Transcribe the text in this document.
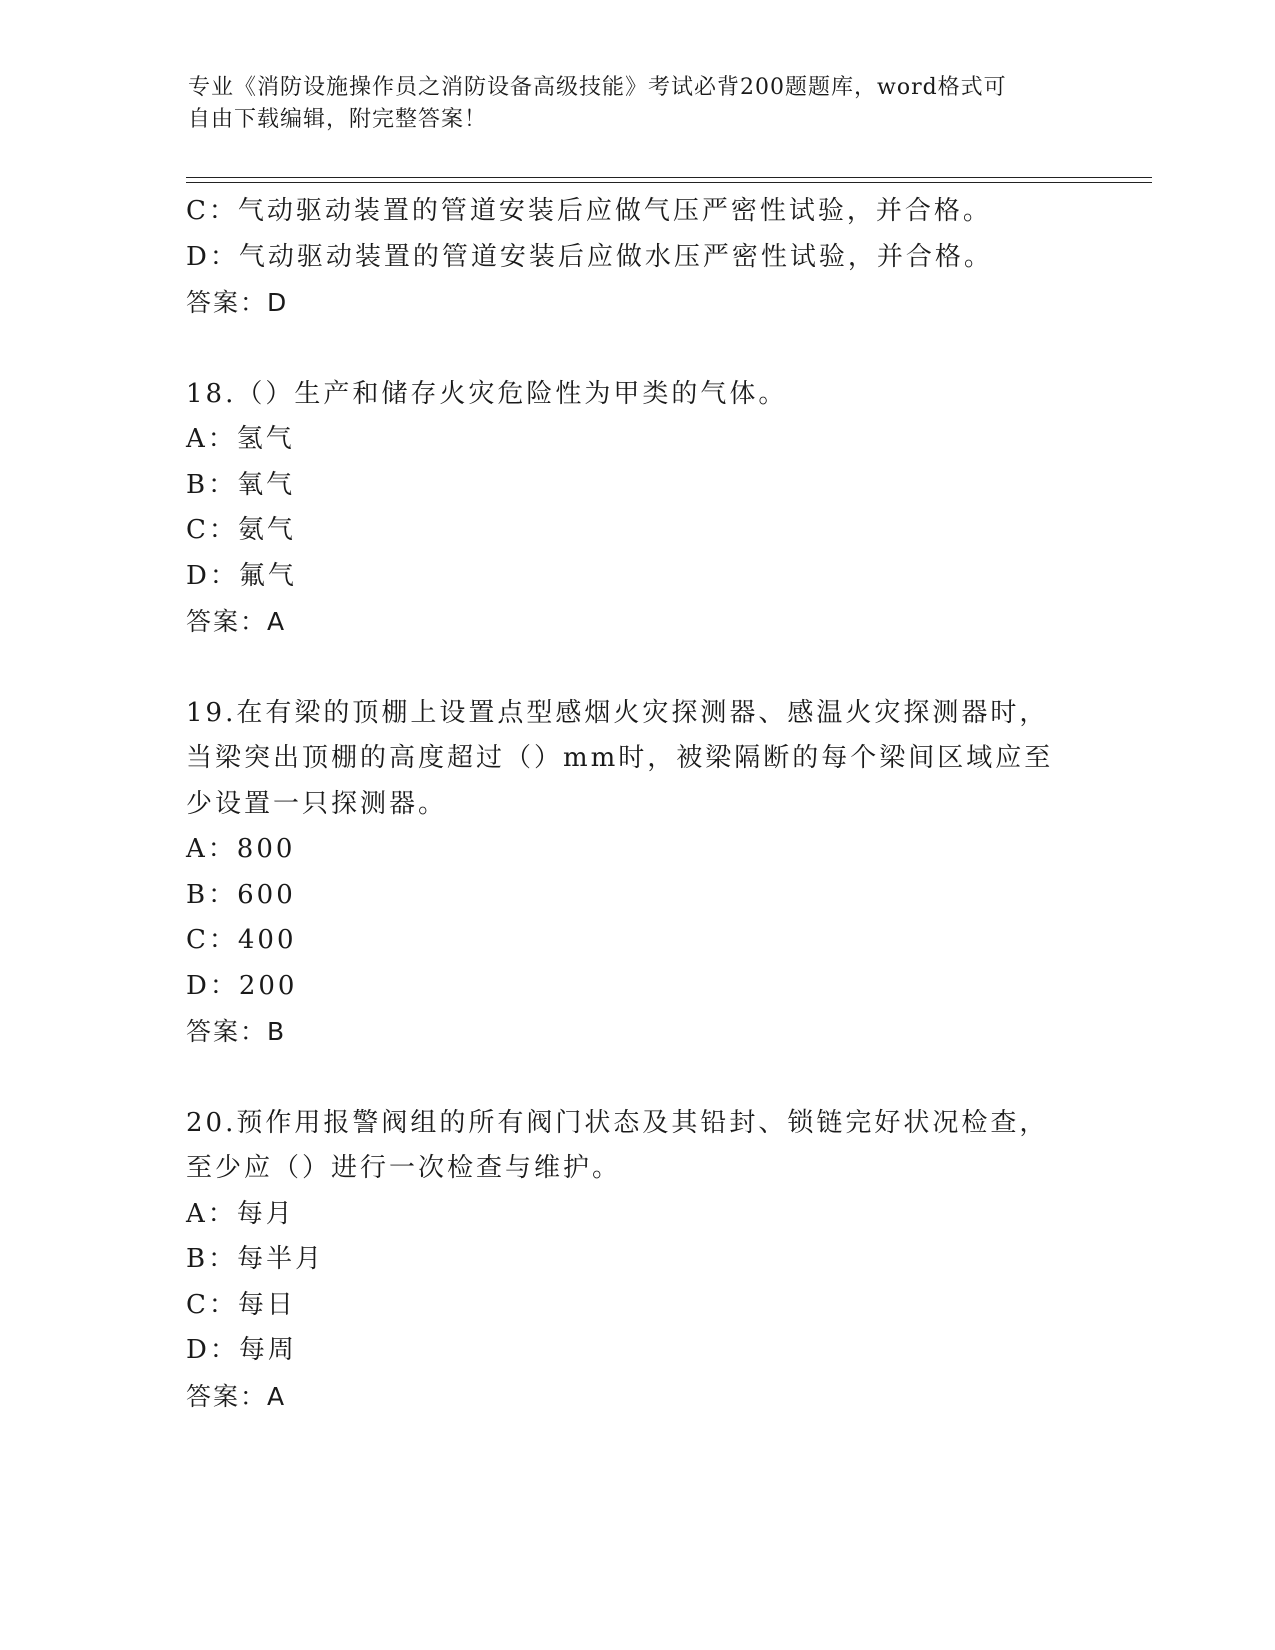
专业《消防设施操作员之消防设备高级技能》考试必背200题题库，word格式可
自由下载编辑，附完整答案！
C：气动驱动装置的管道安装后应做气压严密性试验，并合格。
D：气动驱动装置的管道安装后应做水压严密性试验，并合格。
答案：D
18.（）生产和储存火灾危险性为甲类的气体。
A：氢气
B：氧气
C：氨气
D：氟气
答案：A
19.在有梁的顶棚上设置点型感烟火灾探测器、感温火灾探测器时，当梁突出顶棚的高度超过（）mm时，被梁隔断的每个梁间区域应至少设置一只探测器。
A：800
B：600
C：400
D：200
答案：B
20.预作用报警阀组的所有阀门状态及其铅封、锁链完好状况检查，至少应（）进行一次检查与维护。
A：每月
B：每半月
C：每日
D：每周
答案：A
